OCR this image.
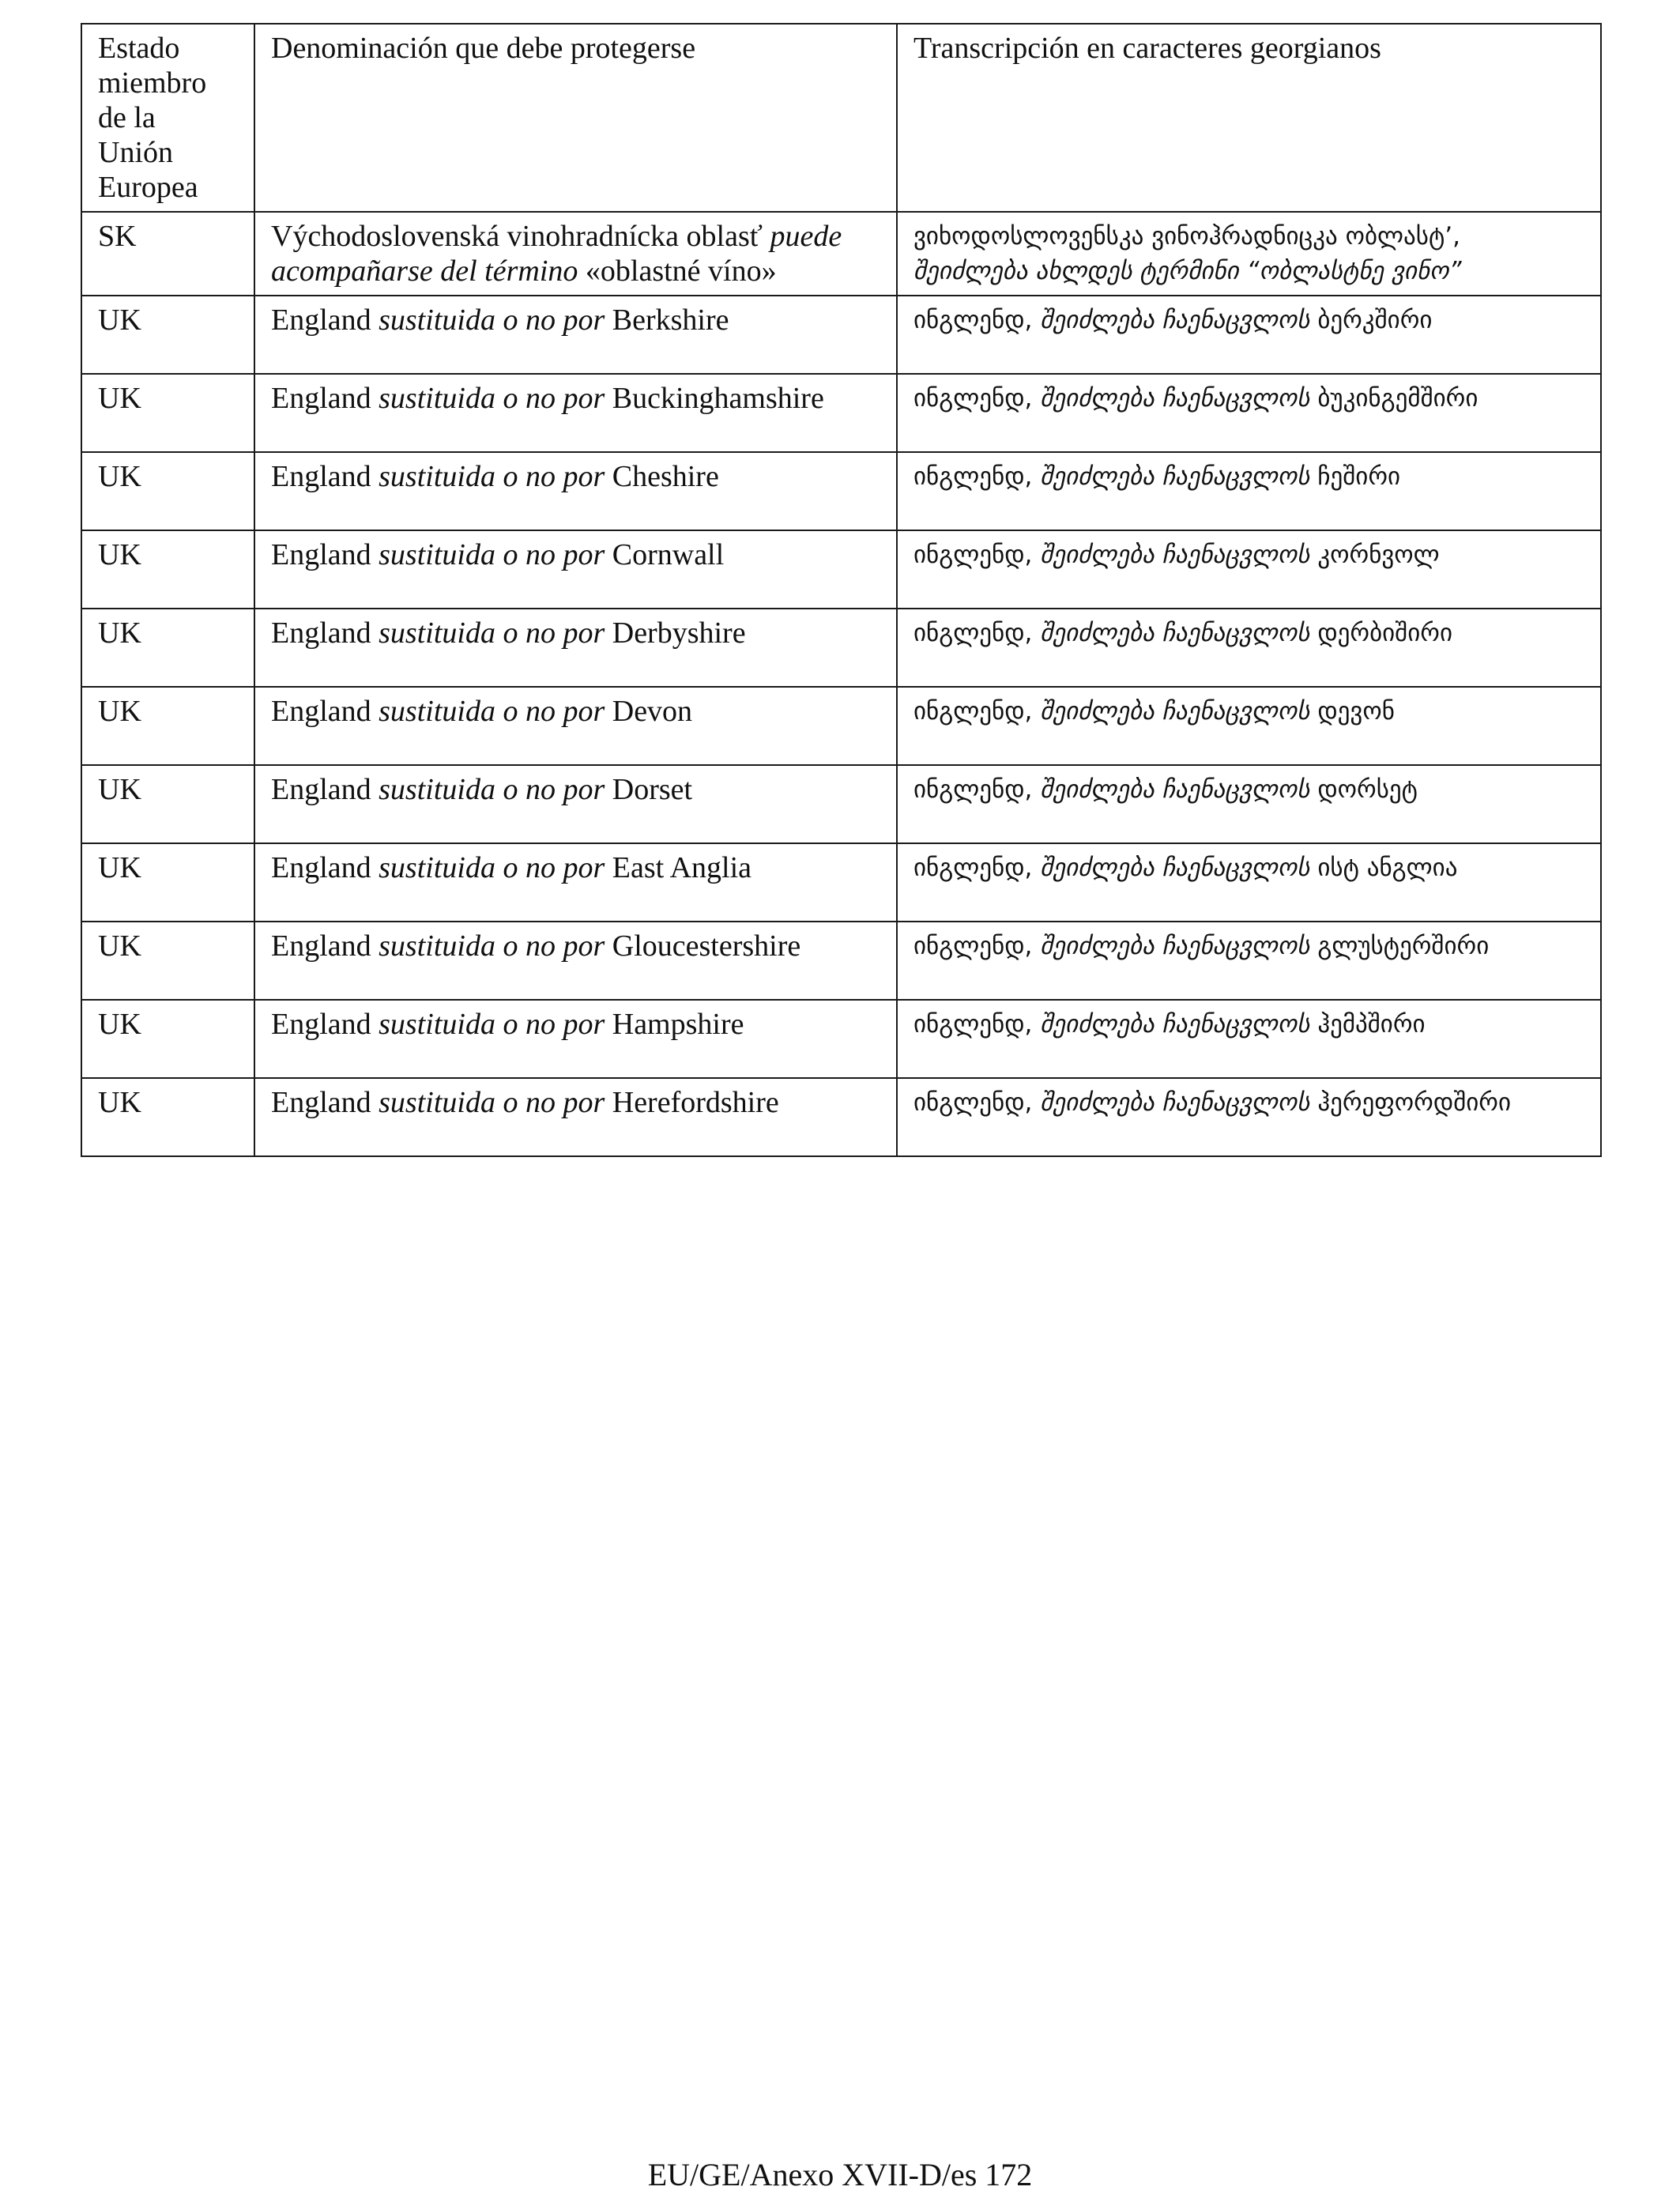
Estado miembro de la Unión Europea	Denominación que debe protegerse	Transcripción en caracteres georgianos
SK	Východoslovenská vinohradnícka oblasť puede acompañarse del término «oblastné víno»	ვიხოდოსლოვენსკა ვინოჰრადნიცკა ობლასტ’,
შეიძლება ახლდეს ტერმინი “ობლასტნე ვინო”
UK	England sustituida o no por Berkshire	ინგლენდ, შეიძლება ჩაენაცვლოს ბერკშირი
UK	England sustituida o no por Buckinghamshire	ინგლენდ, შეიძლება ჩაენაცვლოს ბუკინგემშირი
UK	England sustituida o no por Cheshire	ინგლენდ, შეიძლება ჩაენაცვლოს ჩეშირი
UK	England sustituida o no por Cornwall	ინგლენდ, შეიძლება ჩაენაცვლოს კორნვოლ
UK	England sustituida o no por Derbyshire	ინგლენდ, შეიძლება ჩაენაცვლოს დერბიშირი
UK	England sustituida o no por Devon	ინგლენდ, შეიძლება ჩაენაცვლოს დევონ
UK	England sustituida o no por Dorset	ინგლენდ, შეიძლება ჩაენაცვლოს დორსეტ
UK	England sustituida o no por East Anglia	ინგლენდ, შეიძლება ჩაენაცვლოს ისტ ანგლია
UK	England sustituida o no por Gloucestershire	ინგლენდ, შეიძლება ჩაენაცვლოს გლუსტერშირი
UK	England sustituida o no por Hampshire	ინგლენდ, შეიძლება ჩაენაცვლოს ჰემპშირი
UK	England sustituida o no por Herefordshire	ინგლენდ, შეიძლება ჩაენაცვლოს ჰერეფორდშირი
EU/GE/Anexo XVII-D/es 172
